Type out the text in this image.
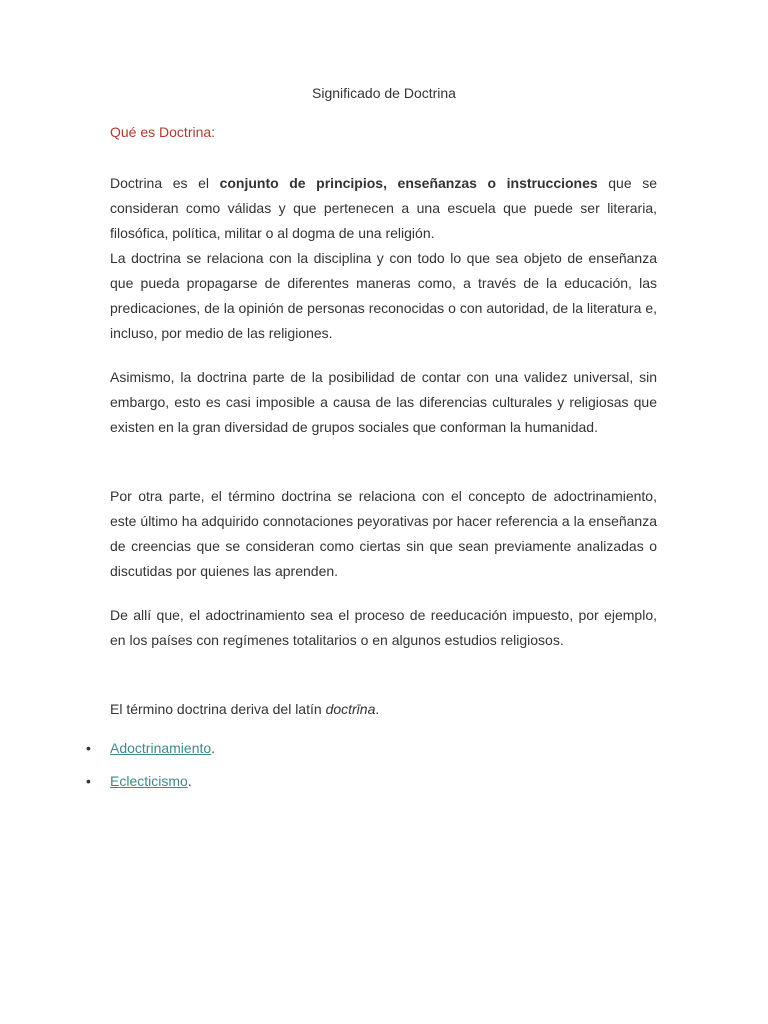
Significado de Doctrina
Qué es Doctrina:

Doctrina es el conjunto de principios, enseñanzas o instrucciones que se consideran como válidas y que pertenecen a una escuela que puede ser literaria, filosófica, política, militar o al dogma de una religión.

La doctrina se relaciona con la disciplina y con todo lo que sea objeto de enseñanza que pueda propagarse de diferentes maneras como, a través de la educación, las predicaciones, de la opinión de personas reconocidas o con autoridad, de la literatura e, incluso, por medio de las religiones.

Asimismo, la doctrina parte de la posibilidad de contar con una validez universal, sin embargo, esto es casi imposible a causa de las diferencias culturales y religiosas que existen en la gran diversidad de grupos sociales que conforman la humanidad.

Por otra parte, el término doctrina se relaciona con el concepto de adoctrinamiento, este último ha adquirido connotaciones peyorativas por hacer referencia a la enseñanza de creencias que se consideran como ciertas sin que sean previamente analizadas o discutidas por quienes las aprenden.

De allí que, el adoctrinamiento sea el proceso de reeducación impuesto, por ejemplo, en los países con regímenes totalitarios o en algunos estudios religiosos.

El término doctrina deriva del latín doctrīna.

•	Adoctrinamiento .
•	Eclecticismo .
